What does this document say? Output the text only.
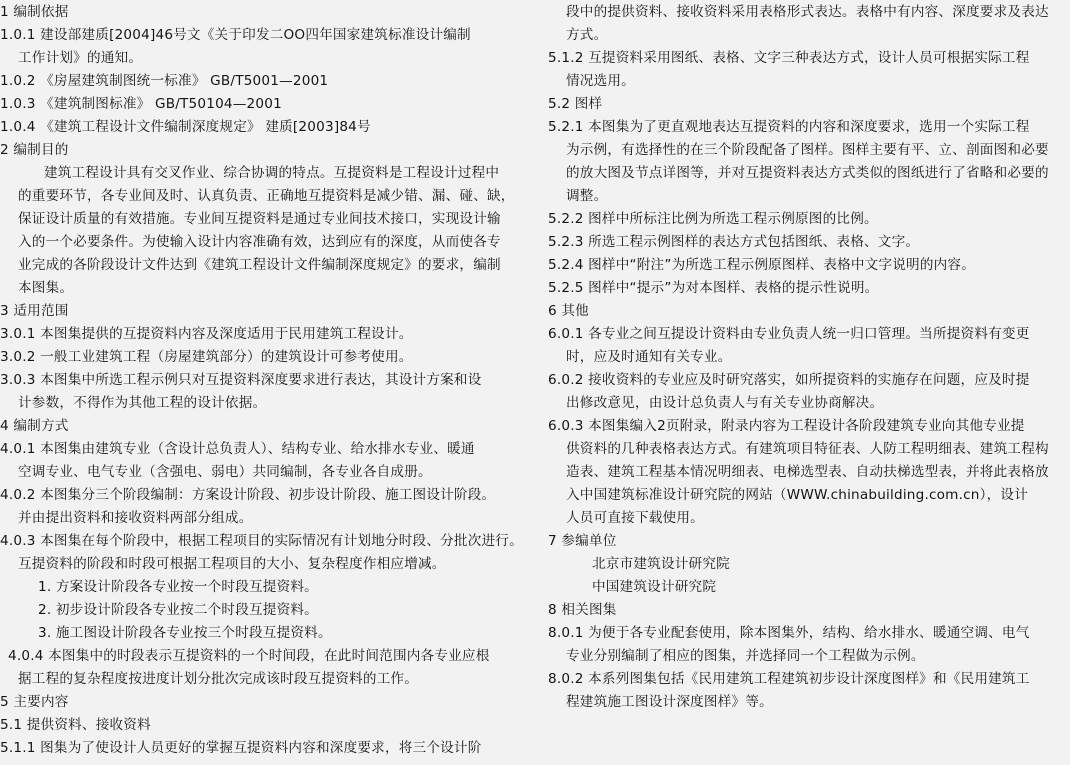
1 编制依据
1.0.1 建设部建质[2004]46号文《关于印发二OO四年国家建筑标准设计编制
工作计划》的通知。
1.0.2 《房屋建筑制图统一标准》 GB/T5001—2001
1.0.3 《建筑制图标准》 GB/T50104—2001
1.0.4 《建筑工程设计文件编制深度规定》 建质[2003]84号
2 编制目的
建筑工程设计具有交叉作业、综合协调的特点。互提资料是工程设计过程中
的重要环节，各专业间及时、认真负责、正确地互提资料是减少错、漏、碰、缺，
保证设计质量的有效措施。专业间互提资料是通过专业间技术接口，实现设计输
入的一个必要条件。为使输入设计内容准确有效，达到应有的深度，从而使各专
业完成的各阶段设计文件达到《建筑工程设计文件编制深度规定》的要求，编制
本图集。
3 适用范围
3.0.1 本图集提供的互提资料内容及深度适用于民用建筑工程设计。
3.0.2 一般工业建筑工程（房屋建筑部分）的建筑设计可参考使用。
3.0.3 本图集中所选工程示例只对互提资料深度要求进行表达，其设计方案和设
计参数，不得作为其他工程的设计依据。
4 编制方式
4.0.1 本图集由建筑专业（含设计总负责人）、结构专业、给水排水专业、暖通
空调专业、电气专业（含强电、弱电）共同编制，各专业各自成册。
4.0.2 本图集分三个阶段编制：方案设计阶段、初步设计阶段、施工图设计阶段。
并由提出资料和接收资料两部分组成。
4.0.3 本图集在每个阶段中，根据工程项目的实际情况有计划地分时段、分批次进行。
互提资料的阶段和时段可根据工程项目的大小、复杂程度作相应增减。
1. 方案设计阶段各专业按一个时段互提资料。
2. 初步设计阶段各专业按二个时段互提资料。
3. 施工图设计阶段各专业按三个时段互提资料。
4.0.4 本图集中的时段表示互提资料的一个时间段，在此时间范围内各专业应根
据工程的复杂程度按进度计划分批次完成该时段互提资料的工作。
5 主要内容
5.1 提供资料、接收资料
5.1.1 图集为了使设计人员更好的掌握互提资料内容和深度要求，将三个设计阶
段中的提供资料、接收资料采用表格形式表达。表格中有内容、深度要求及表达
方式。
5.1.2 互提资料采用图纸、表格、文字三种表达方式，设计人员可根据实际工程
情况选用。
5.2 图样
5.2.1 本图集为了更直观地表达互提资料的内容和深度要求，选用一个实际工程
为示例，有选择性的在三个阶段配备了图样。图样主要有平、立、剖面图和必要
的放大图及节点详图等，并对互提资料表达方式类似的图纸进行了省略和必要的
调整。
5.2.2 图样中所标注比例为所选工程示例原图的比例。
5.2.3 所选工程示例图样的表达方式包括图纸、表格、文字。
5.2.4 图样中“附注”为所选工程示例原图样、表格中文字说明的内容。
5.2.5 图样中“提示”为对本图样、表格的提示性说明。
6 其他
6.0.1 各专业之间互提设计资料由专业负责人统一归口管理。当所提资料有变更
时，应及时通知有关专业。
6.0.2 接收资料的专业应及时研究落实，如所提资料的实施存在问题，应及时提
出修改意见，由设计总负责人与有关专业协商解决。
6.0.3 本图集编入2页附录，附录内容为工程设计各阶段建筑专业向其他专业提
供资料的几种表格表达方式。有建筑项目特征表、人防工程明细表、建筑工程构
造表、建筑工程基本情况明细表、电梯选型表、自动扶梯选型表，并将此表格放
入中国建筑标准设计研究院的网站（WWW.chinabuilding.com.cn），设计
人员可直接下载使用。
7 参编单位
北京市建筑设计研究院
中国建筑设计研究院
8 相关图集
8.0.1 为便于各专业配套使用，除本图集外，结构、给水排水、暖通空调、电气
专业分别编制了相应的图集，并选择同一个工程做为示例。
8.0.2 本系列图集包括《民用建筑工程建筑初步设计深度图样》和《民用建筑工
程建筑施工图设计深度图样》等。
